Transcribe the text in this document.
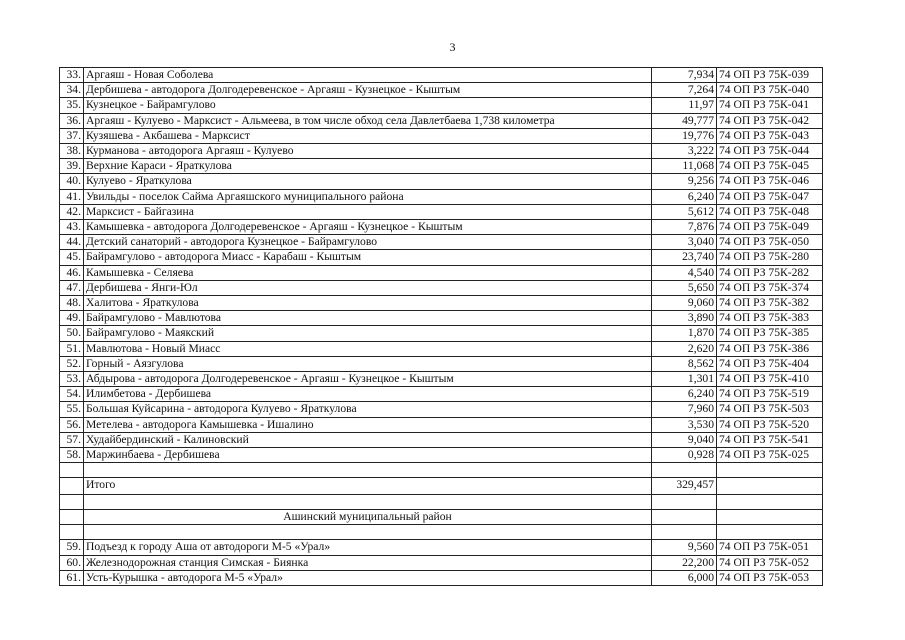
3
33.	Аргаяш - Новая Соболева	7,934	74 ОП РЗ 75К-039
34.	Дербишева - автодорога Долгодеревенское - Аргаяш - Кузнецкое - Кыштым	7,264	74 ОП РЗ 75К-040
35.	Кузнецкое - Байрамгулово	11,97	74 ОП РЗ 75К-041
36.	Аргаяш - Кулуево - Марксист - Альмеева, в том числе обход села Давлетбаева 1,738 километра	49,777	74 ОП РЗ 75К-042
37.	Кузяшева - Акбашева - Марксист	19,776	74 ОП РЗ 75К-043
38.	Курманова - автодорога Аргаяш - Кулуево	3,222	74 ОП РЗ 75К-044
39.	Верхние Караси - Яраткулова	11,068	74 ОП РЗ 75К-045
40.	Кулуево - Яраткулова	9,256	74 ОП РЗ 75К-046
41.	Увильды - поселок Сайма Аргаяшского муниципального района	6,240	74 ОП РЗ 75К-047
42.	Марксист - Байгазина	5,612	74 ОП РЗ 75К-048
43.	Камышевка - автодорога Долгодеревенское - Аргаяш - Кузнецкое - Кыштым	7,876	74 ОП РЗ 75К-049
44.	Детский санаторий - автодорога Кузнецкое - Байрамгулово	3,040	74 ОП РЗ 75К-050
45.	Байрамгулово - автодорога Миасс - Карабаш - Кыштым	23,740	74 ОП РЗ 75К-280
46.	Камышевка - Селяева	4,540	74 ОП РЗ 75К-282
47.	Дербишева - Янги-Юл	5,650	74 ОП РЗ 75К-374
48.	Халитова - Яраткулова	9,060	74 ОП РЗ 75К-382
49.	Байрамгулово - Мавлютова	3,890	74 ОП РЗ 75К-383
50.	Байрамгулово - Маякский	1,870	74 ОП РЗ 75К-385
51.	Мавлютова - Новый Миасс	2,620	74 ОП РЗ 75К-386
52.	Горный - Аязгулова	8,562	74 ОП РЗ 75К-404
53.	Абдырова - автодорога Долгодеревенское - Аргаяш - Кузнецкое - Кыштым	1,301	74 ОП РЗ 75К-410
54.	Илимбетова - Дербишева	6,240	74 ОП РЗ 75К-519
55.	Большая Куйсарина - автодорога Кулуево - Яраткулова	7,960	74 ОП РЗ 75К-503
56.	Метелева - автодорога Камышевка - Ишалино	3,530	74 ОП РЗ 75К-520
57.	Худайбердинский - Калиновский	9,040	74 ОП РЗ 75К-541
58.	Маржинбаева - Дербишева	0,928	74 ОП РЗ 75К-025

	Итого	329,457	

	Ашинский муниципальный район		

59.	Подъезд к городу Аша от автодороги М-5 «Урал»	9,560	74 ОП РЗ 75К-051
60.	Железнодорожная станция Симская - Биянка	22,200	74 ОП РЗ 75К-052
61.	Усть-Курышка - автодорога М-5 «Урал»	6,000	74 ОП РЗ 75К-053
